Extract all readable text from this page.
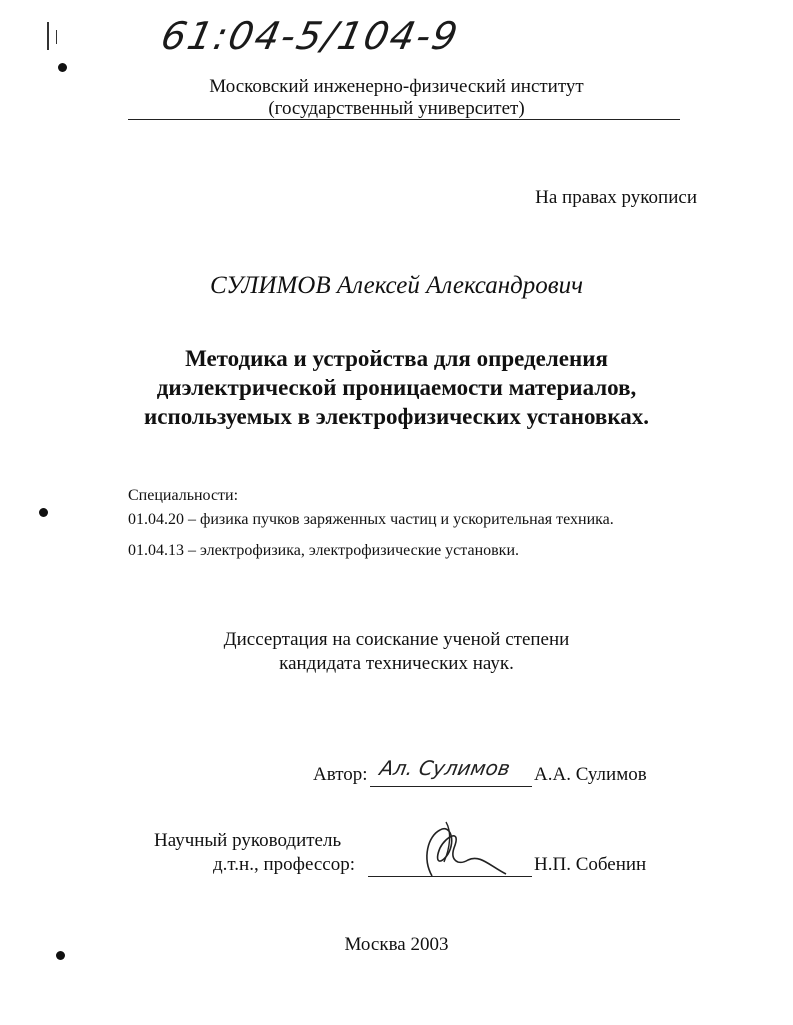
61:04-5/104-9
Московский инженерно-физический институт
(государственный университет)
На правах рукописи
СУЛИМОВ Алексей Александрович
Методика и устройства для определения
диэлектрической проницаемости материалов,
используемых в электрофизических установках.
Специальности:
01.04.20 – физика пучков заряженных частиц и ускорительная техника.
01.04.13 – электрофизика, электрофизические установки.
Диссертация на соискание ученой степени
кандидата технических наук.
Автор: Ал. Сулимов А.А. Сулимов
Научный руководитель
д.т.н., профессор:	Н.П. Собенин
Москва 2003
